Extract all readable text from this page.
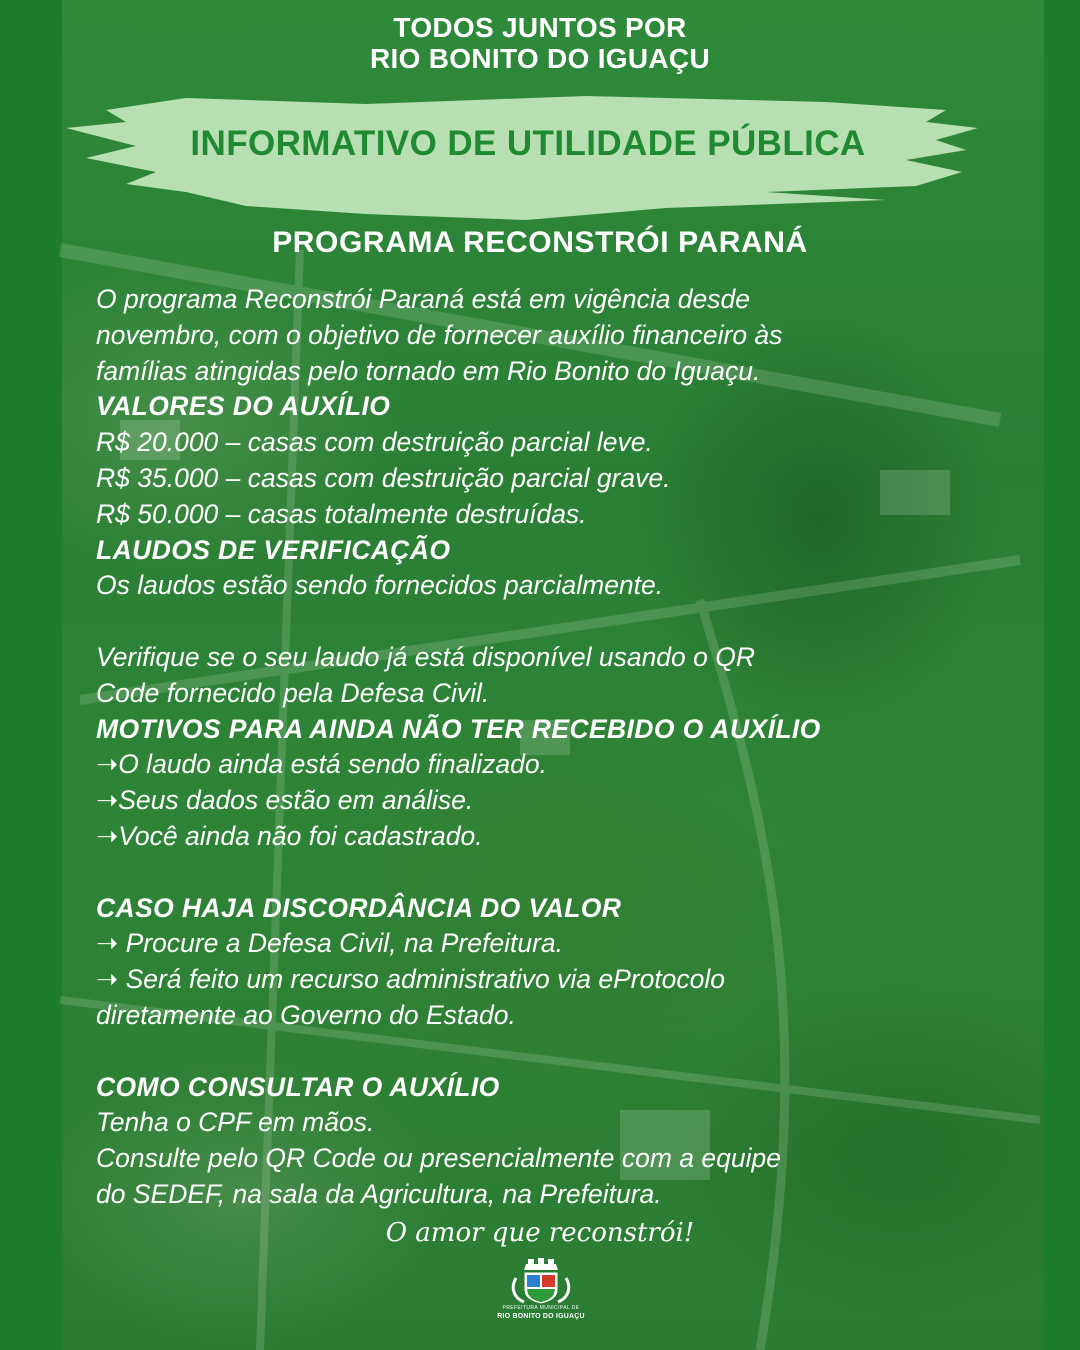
TODOS JUNTOS POR
RIO BONITO DO IGUAÇU
INFORMATIVO DE UTILIDADE PÚBLICA
PROGRAMA RECONSTRÓI PARANÁ
O programa Reconstrói Paraná está em vigência desde
novembro, com o objetivo de fornecer auxílio financeiro às
famílias atingidas pelo tornado em Rio Bonito do Iguaçu.
VALORES DO AUXÍLIO
R$ 20.000 – casas com destruição parcial leve.
R$ 35.000 – casas com destruição parcial grave.
R$ 50.000 – casas totalmente destruídas.
LAUDOS DE VERIFICAÇÃO
Os laudos estão sendo fornecidos parcialmente.
Verifique se o seu laudo já está disponível usando o QR
Code fornecido pela Defesa Civil.
MOTIVOS PARA AINDA NÃO TER RECEBIDO O AUXÍLIO
➝O laudo ainda está sendo finalizado.
➝Seus dados estão em análise.
➝Você ainda não foi cadastrado.
CASO HAJA DISCORDÂNCIA DO VALOR
➝ Procure a Defesa Civil, na Prefeitura.
➝ Será feito um recurso administrativo via eProtocolo
diretamente ao Governo do Estado.
COMO CONSULTAR O AUXÍLIO
Tenha o CPF em mãos.
Consulte pelo QR Code ou presencialmente com a equipe
do SEDEF, na sala da Agricultura, na Prefeitura.
O amor que reconstrói!
PREFEITURA MUNICIPAL DE
RIO BONITO DO IGUAÇU
